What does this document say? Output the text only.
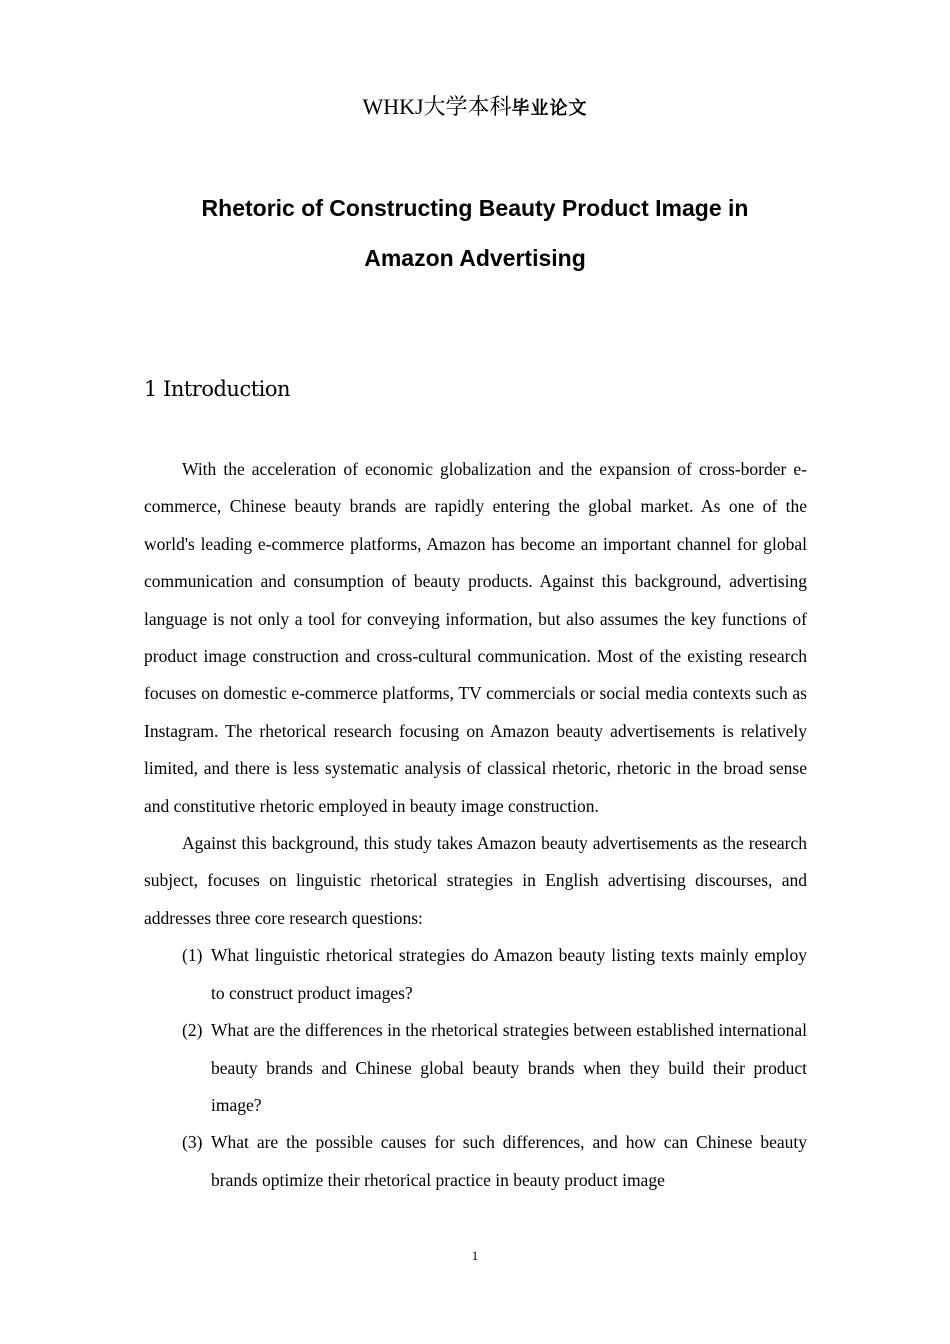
WHKJ大学本科毕业论文
Rhetoric of Constructing Beauty Product Image in
Amazon Advertising
1 Introduction

With the acceleration of economic globalization and the expansion of cross-border e-commerce, Chinese beauty brands are rapidly entering the global market. As one of the world's leading e-commerce platforms, Amazon has become an important channel for global communication and consumption of beauty products. Against this background, advertising language is not only a tool for conveying information, but also assumes the key functions of product image construction and cross-cultural communication. Most of the existing research focuses on domestic e-commerce platforms, TV commercials or social media contexts such as Instagram. The rhetorical research focusing on Amazon beauty advertisements is relatively limited, and there is less systematic analysis of classical rhetoric, rhetoric in the broad sense and constitutive rhetoric employed in beauty image construction.

Against this background, this study takes Amazon beauty advertisements as the research subject, focuses on linguistic rhetorical strategies in English advertising discourses, and addresses three core research questions:

(1) What linguistic rhetorical strategies do Amazon beauty listing texts mainly employ to construct product images?
(2) What are the differences in the rhetorical strategies between established international beauty brands and Chinese global beauty brands when they build their product image?
(3) What are the possible causes for such differences, and how can Chinese beauty brands optimize their rhetorical practice in beauty product image
1
